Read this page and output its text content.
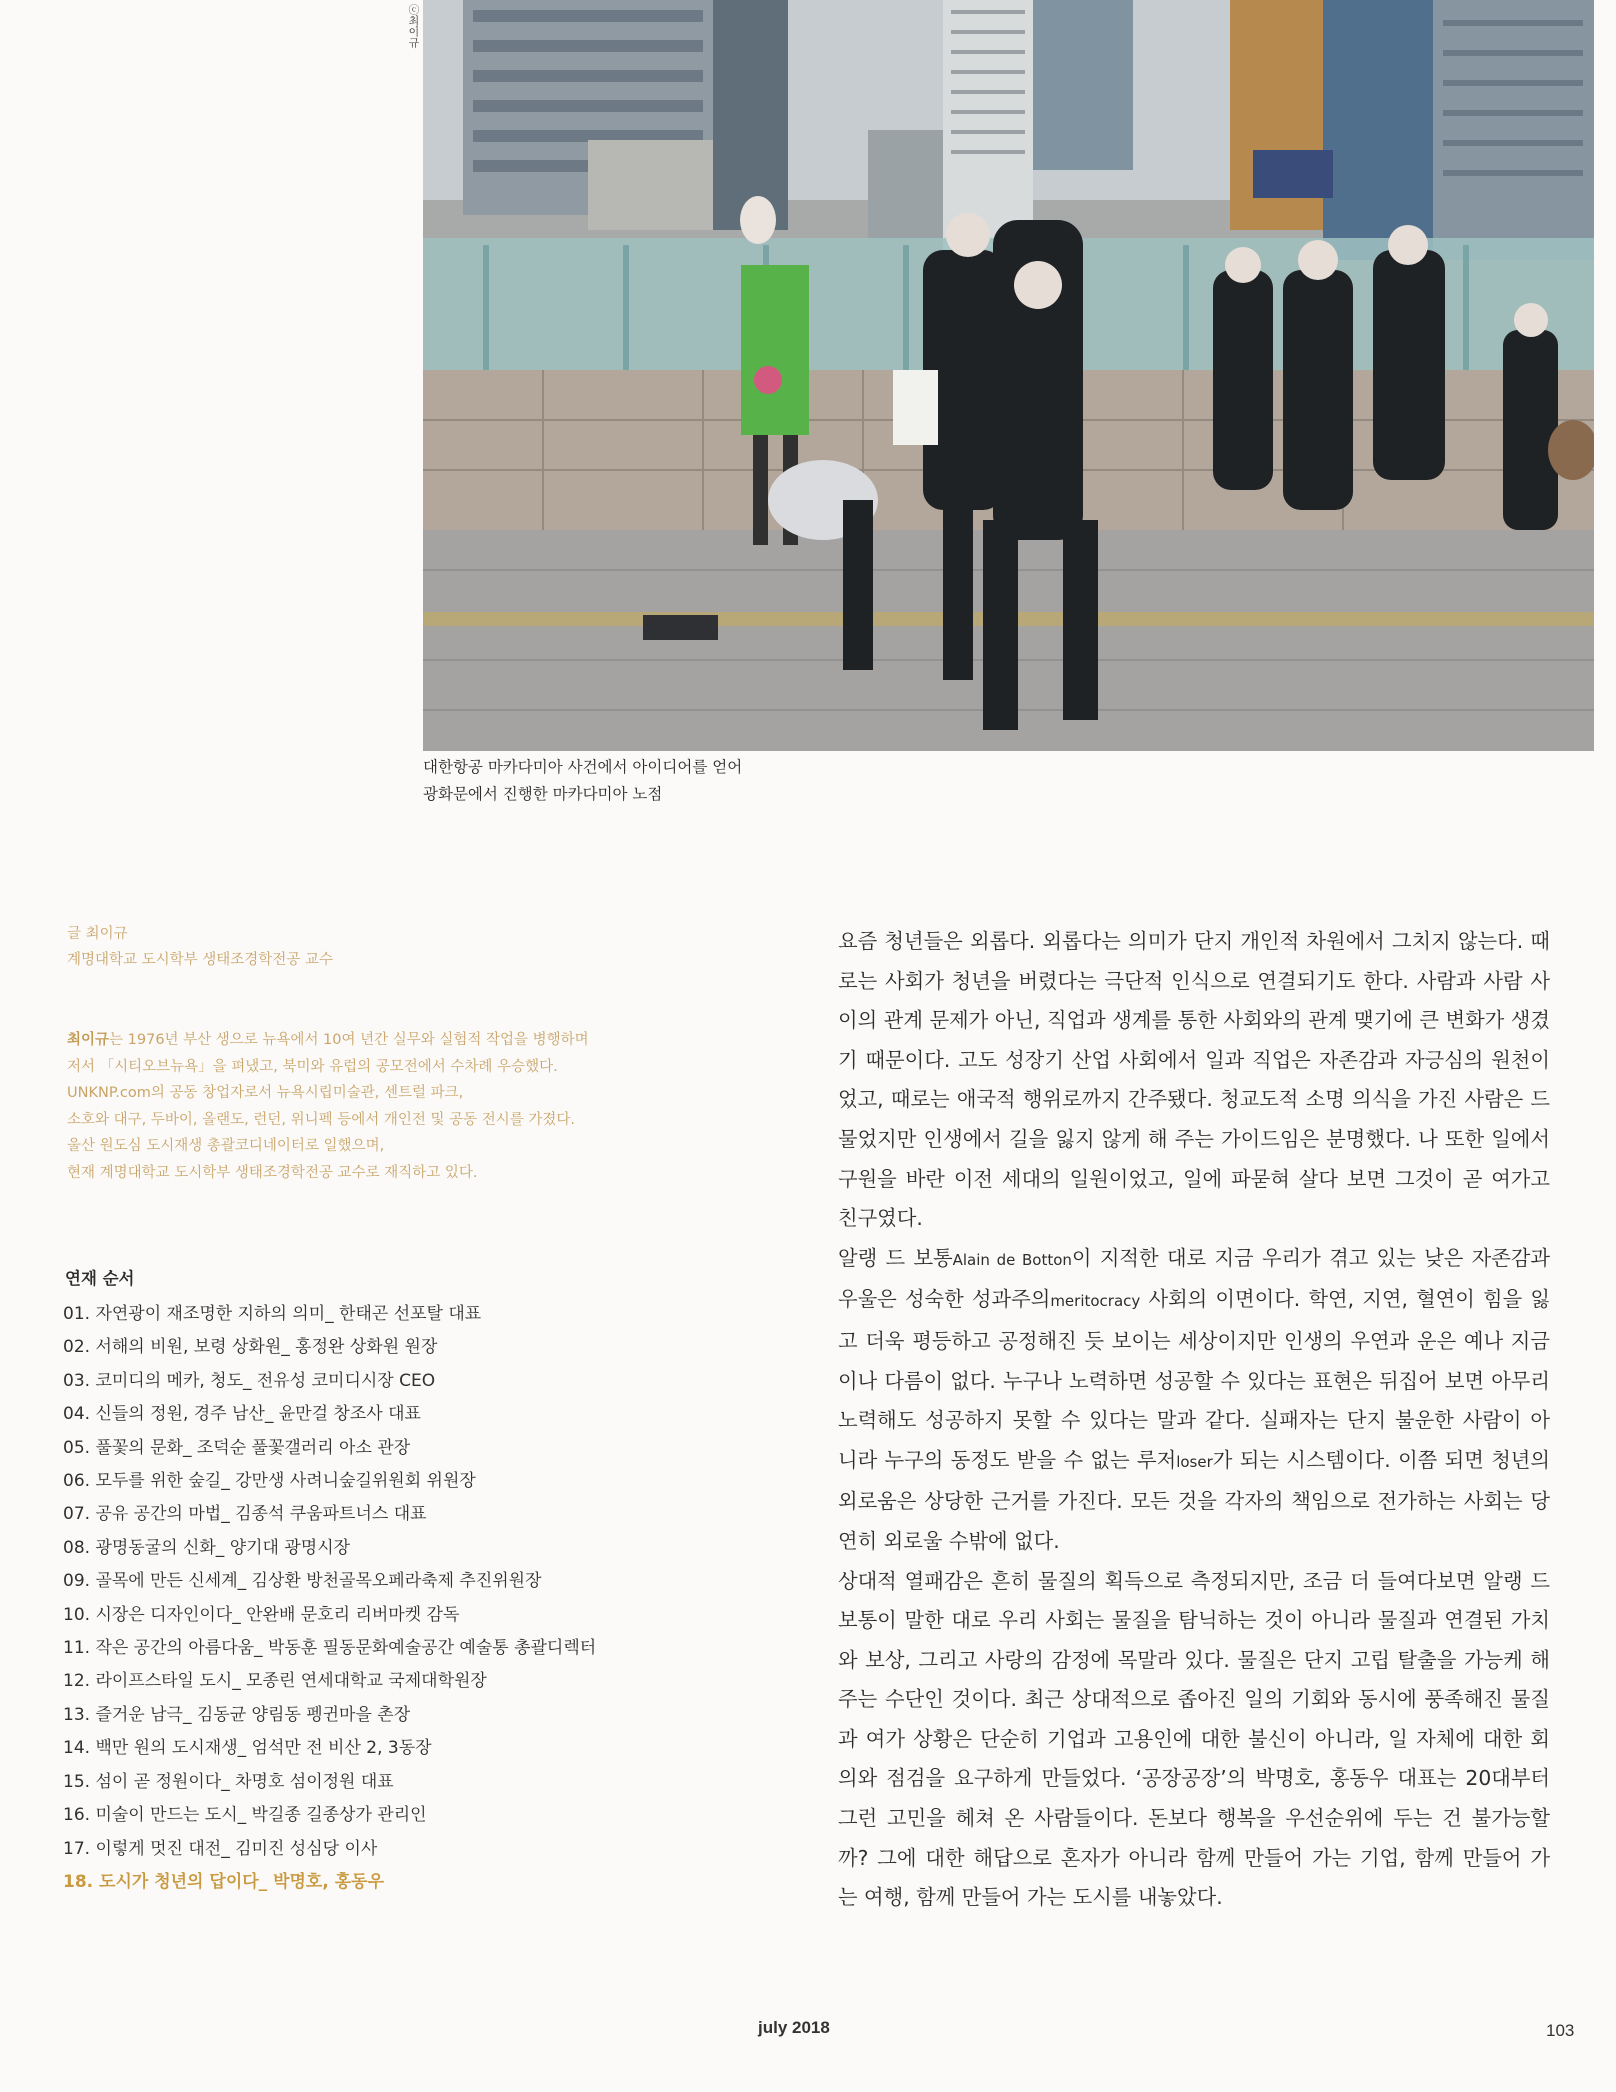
ⓒ최이규
대한항공 마카다미아 사건에서 아이디어를 얻어
광화문에서 진행한 마카다미아 노점
글 최이규
계명대학교 도시학부 생태조경학전공 교수
최이규는 1976년 부산 생으로 뉴욕에서 10여 년간 실무와 실험적 작업을 병행하며
저서 「시티오브뉴욕」을 펴냈고, 북미와 유럽의 공모전에서 수차례 우승했다.
UNKNP.com의 공동 창업자로서 뉴욕시립미술관, 센트럴 파크,
소호와 대구, 두바이, 올랜도, 런던, 위니펙 등에서 개인전 및 공동 전시를 가졌다.
울산 원도심 도시재생 총괄코디네이터로 일했으며,
현재 계명대학교 도시학부 생태조경학전공 교수로 재직하고 있다.
연재 순서
01. 자연광이 재조명한 지하의 의미_ 한태곤 선포탈 대표
02. 서해의 비원, 보령 상화원_ 홍정완 상화원 원장
03. 코미디의 메카, 청도_ 전유성 코미디시장 CEO
04. 신들의 정원, 경주 남산_ 윤만걸 창조사 대표
05. 풀꽃의 문화_ 조덕순 풀꽃갤러리 아소 관장
06. 모두를 위한 숲길_ 강만생 사려니숲길위원회 위원장
07. 공유 공간의 마법_ 김종석 쿠움파트너스 대표
08. 광명동굴의 신화_ 양기대 광명시장
09. 골목에 만든 신세계_ 김상환 방천골목오페라축제 추진위원장
10. 시장은 디자인이다_ 안완배 문호리 리버마켓 감독
11. 작은 공간의 아름다움_ 박동훈 필동문화예술공간 예술통 총괄디렉터
12. 라이프스타일 도시_ 모종린 연세대학교 국제대학원장
13. 즐거운 남극_ 김동균 양림동 펭귄마을 촌장
14. 백만 원의 도시재생_ 엄석만 전 비산 2, 3동장
15. 섬이 곧 정원이다_ 차명호 섬이정원 대표
16. 미술이 만드는 도시_ 박길종 길종상가 관리인
17. 이렇게 멋진 대전_ 김미진 성심당 이사
18. 도시가 청년의 답이다_ 박명호, 홍동우

요즘 청년들은 외롭다. 외롭다는 의미가 단지 개인적 차원에서 그치지 않는다. 때
로는 사회가 청년을 버렸다는 극단적 인식으로 연결되기도 한다. 사람과 사람 사
이의 관계 문제가 아닌, 직업과 생계를 통한 사회와의 관계 맺기에 큰 변화가 생겼
기 때문이다. 고도 성장기 산업 사회에서 일과 직업은 자존감과 자긍심의 원천이
었고, 때로는 애국적 행위로까지 간주됐다. 청교도적 소명 의식을 가진 사람은 드
물었지만 인생에서 길을 잃지 않게 해 주는 가이드임은 분명했다. 나 또한 일에서
구원을 바란 이전 세대의 일원이었고, 일에 파묻혀 살다 보면 그것이 곧 여가고
친구였다.

알랭 드 보통Alain de Botton이 지적한 대로 지금 우리가 겪고 있는 낮은 자존감과
우울은 성숙한 성과주의meritocracy 사회의 이면이다. 학연, 지연, 혈연이 힘을 잃
고 더욱 평등하고 공정해진 듯 보이는 세상이지만 인생의 우연과 운은 예나 지금
이나 다름이 없다. 누구나 노력하면 성공할 수 있다는 표현은 뒤집어 보면 아무리
노력해도 성공하지 못할 수 있다는 말과 같다. 실패자는 단지 불운한 사람이 아
니라 누구의 동정도 받을 수 없는 루저loser가 되는 시스템이다. 이쯤 되면 청년의
외로움은 상당한 근거를 가진다. 모든 것을 각자의 책임으로 전가하는 사회는 당
연히 외로울 수밖에 없다.

상대적 열패감은 흔히 물질의 획득으로 측정되지만, 조금 더 들여다보면 알랭 드
보통이 말한 대로 우리 사회는 물질을 탐닉하는 것이 아니라 물질과 연결된 가치
와 보상, 그리고 사랑의 감정에 목말라 있다. 물질은 단지 고립 탈출을 가능케 해
주는 수단인 것이다. 최근 상대적으로 좁아진 일의 기회와 동시에 풍족해진 물질
과 여가 상황은 단순히 기업과 고용인에 대한 불신이 아니라, 일 자체에 대한 회
의와 점검을 요구하게 만들었다. ‘공장공장’의 박명호, 홍동우 대표는 20대부터
그런 고민을 헤쳐 온 사람들이다. 돈보다 행복을 우선순위에 두는 건 불가능할
까? 그에 대한 해답으로 혼자가 아니라 함께 만들어 가는 기업, 함께 만들어 가
는 여행, 함께 만들어 가는 도시를 내놓았다.

july 2018	103
